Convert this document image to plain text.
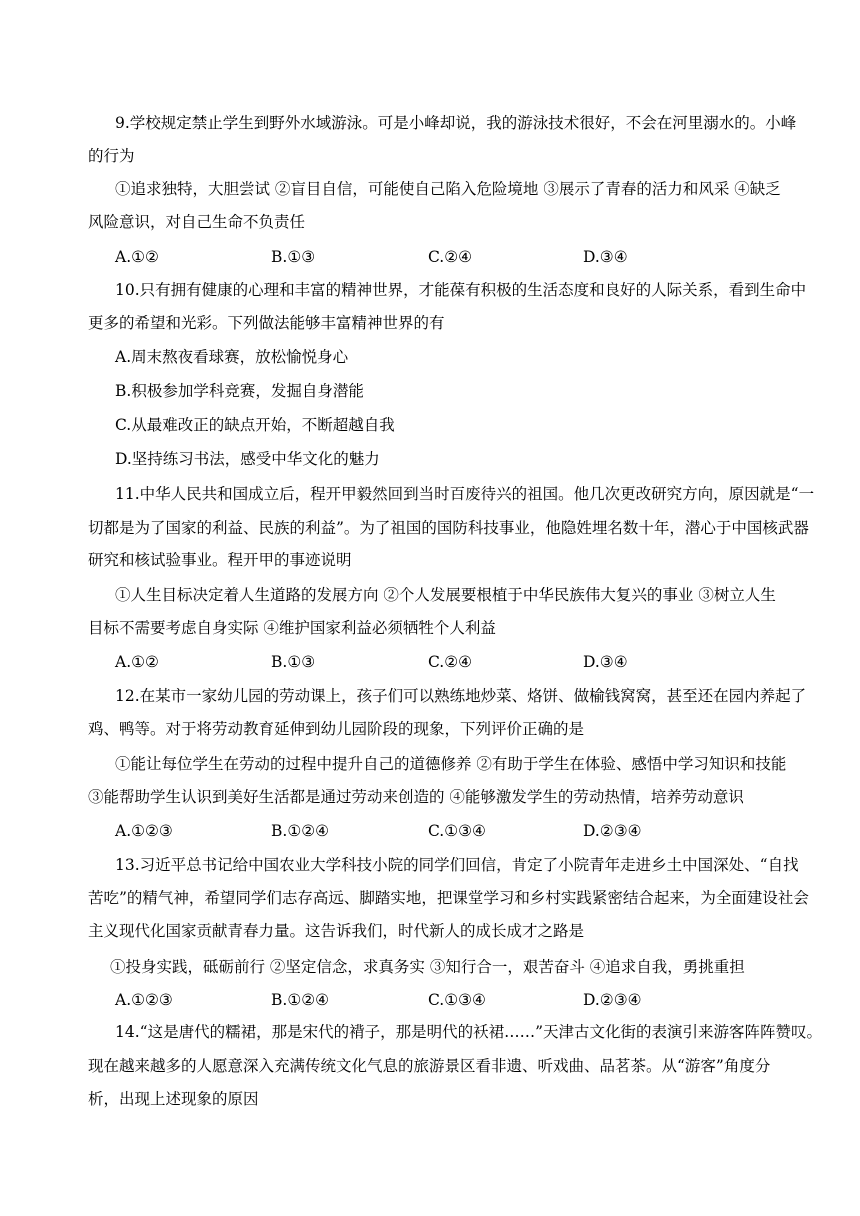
9.学校规定禁止学生到野外水域游泳。可是小峰却说，我的游泳技术很好，不会在河里溺水的。小峰
的行为
①追求独特，大胆尝试 ②盲目自信，可能使自己陷入危险境地 ③展示了青春的活力和风采 ④缺乏
风险意识，对自己生命不负责任
A.①②	B.①③	C.②④	D.③④
10.只有拥有健康的心理和丰富的精神世界，才能葆有积极的生活态度和良好的人际关系，看到生命中
更多的希望和光彩。下列做法能够丰富精神世界的有
A.周末熬夜看球赛，放松愉悦身心
B.积极参加学科竞赛，发掘自身潜能
C.从最难改正的缺点开始，不断超越自我
D.坚持练习书法，感受中华文化的魅力
11.中华人民共和国成立后，程开甲毅然回到当时百废待兴的祖国。他几次更改研究方向，原因就是“一
切都是为了国家的利益、民族的利益”。为了祖国的国防科技事业，他隐姓埋名数十年，潜心于中国核武器
研究和核试验事业。程开甲的事迹说明
①人生目标决定着人生道路的发展方向 ②个人发展要根植于中华民族伟大复兴的事业 ③树立人生
目标不需要考虑自身实际 ④维护国家利益必须牺牲个人利益
A.①②	B.①③	C.②④	D.③④
12.在某市一家幼儿园的劳动课上，孩子们可以熟练地炒菜、烙饼、做榆钱窝窝，甚至还在园内养起了
鸡、鸭等。对于将劳动教育延伸到幼儿园阶段的现象，下列评价正确的是
①能让每位学生在劳动的过程中提升自己的道德修养 ②有助于学生在体验、感悟中学习知识和技能
③能帮助学生认识到美好生活都是通过劳动来创造的 ④能够激发学生的劳动热情，培养劳动意识
A.①②③	B.①②④	C.①③④	D.②③④
13.习近平总书记给中国农业大学科技小院的同学们回信，肯定了小院青年走进乡土中国深处、“自找
苦吃”的精气神，希望同学们志存高远、脚踏实地，把课堂学习和乡村实践紧密结合起来，为全面建设社会
主义现代化国家贡献青春力量。这告诉我们，时代新人的成长成才之路是
①投身实践，砥砺前行 ②坚定信念，求真务实 ③知行合一，艰苦奋斗 ④追求自我，勇挑重担
A.①②③	B.①②④	C.①③④	D.②③④
14.“这是唐代的糯裙，那是宋代的褙子，那是明代的袄裙……”天津古文化街的表演引来游客阵阵赞叹。
现在越来越多的人愿意深入充满传统文化气息的旅游景区看非遗、听戏曲、品茗茶。从“游客”角度分
析，出现上述现象的原因
